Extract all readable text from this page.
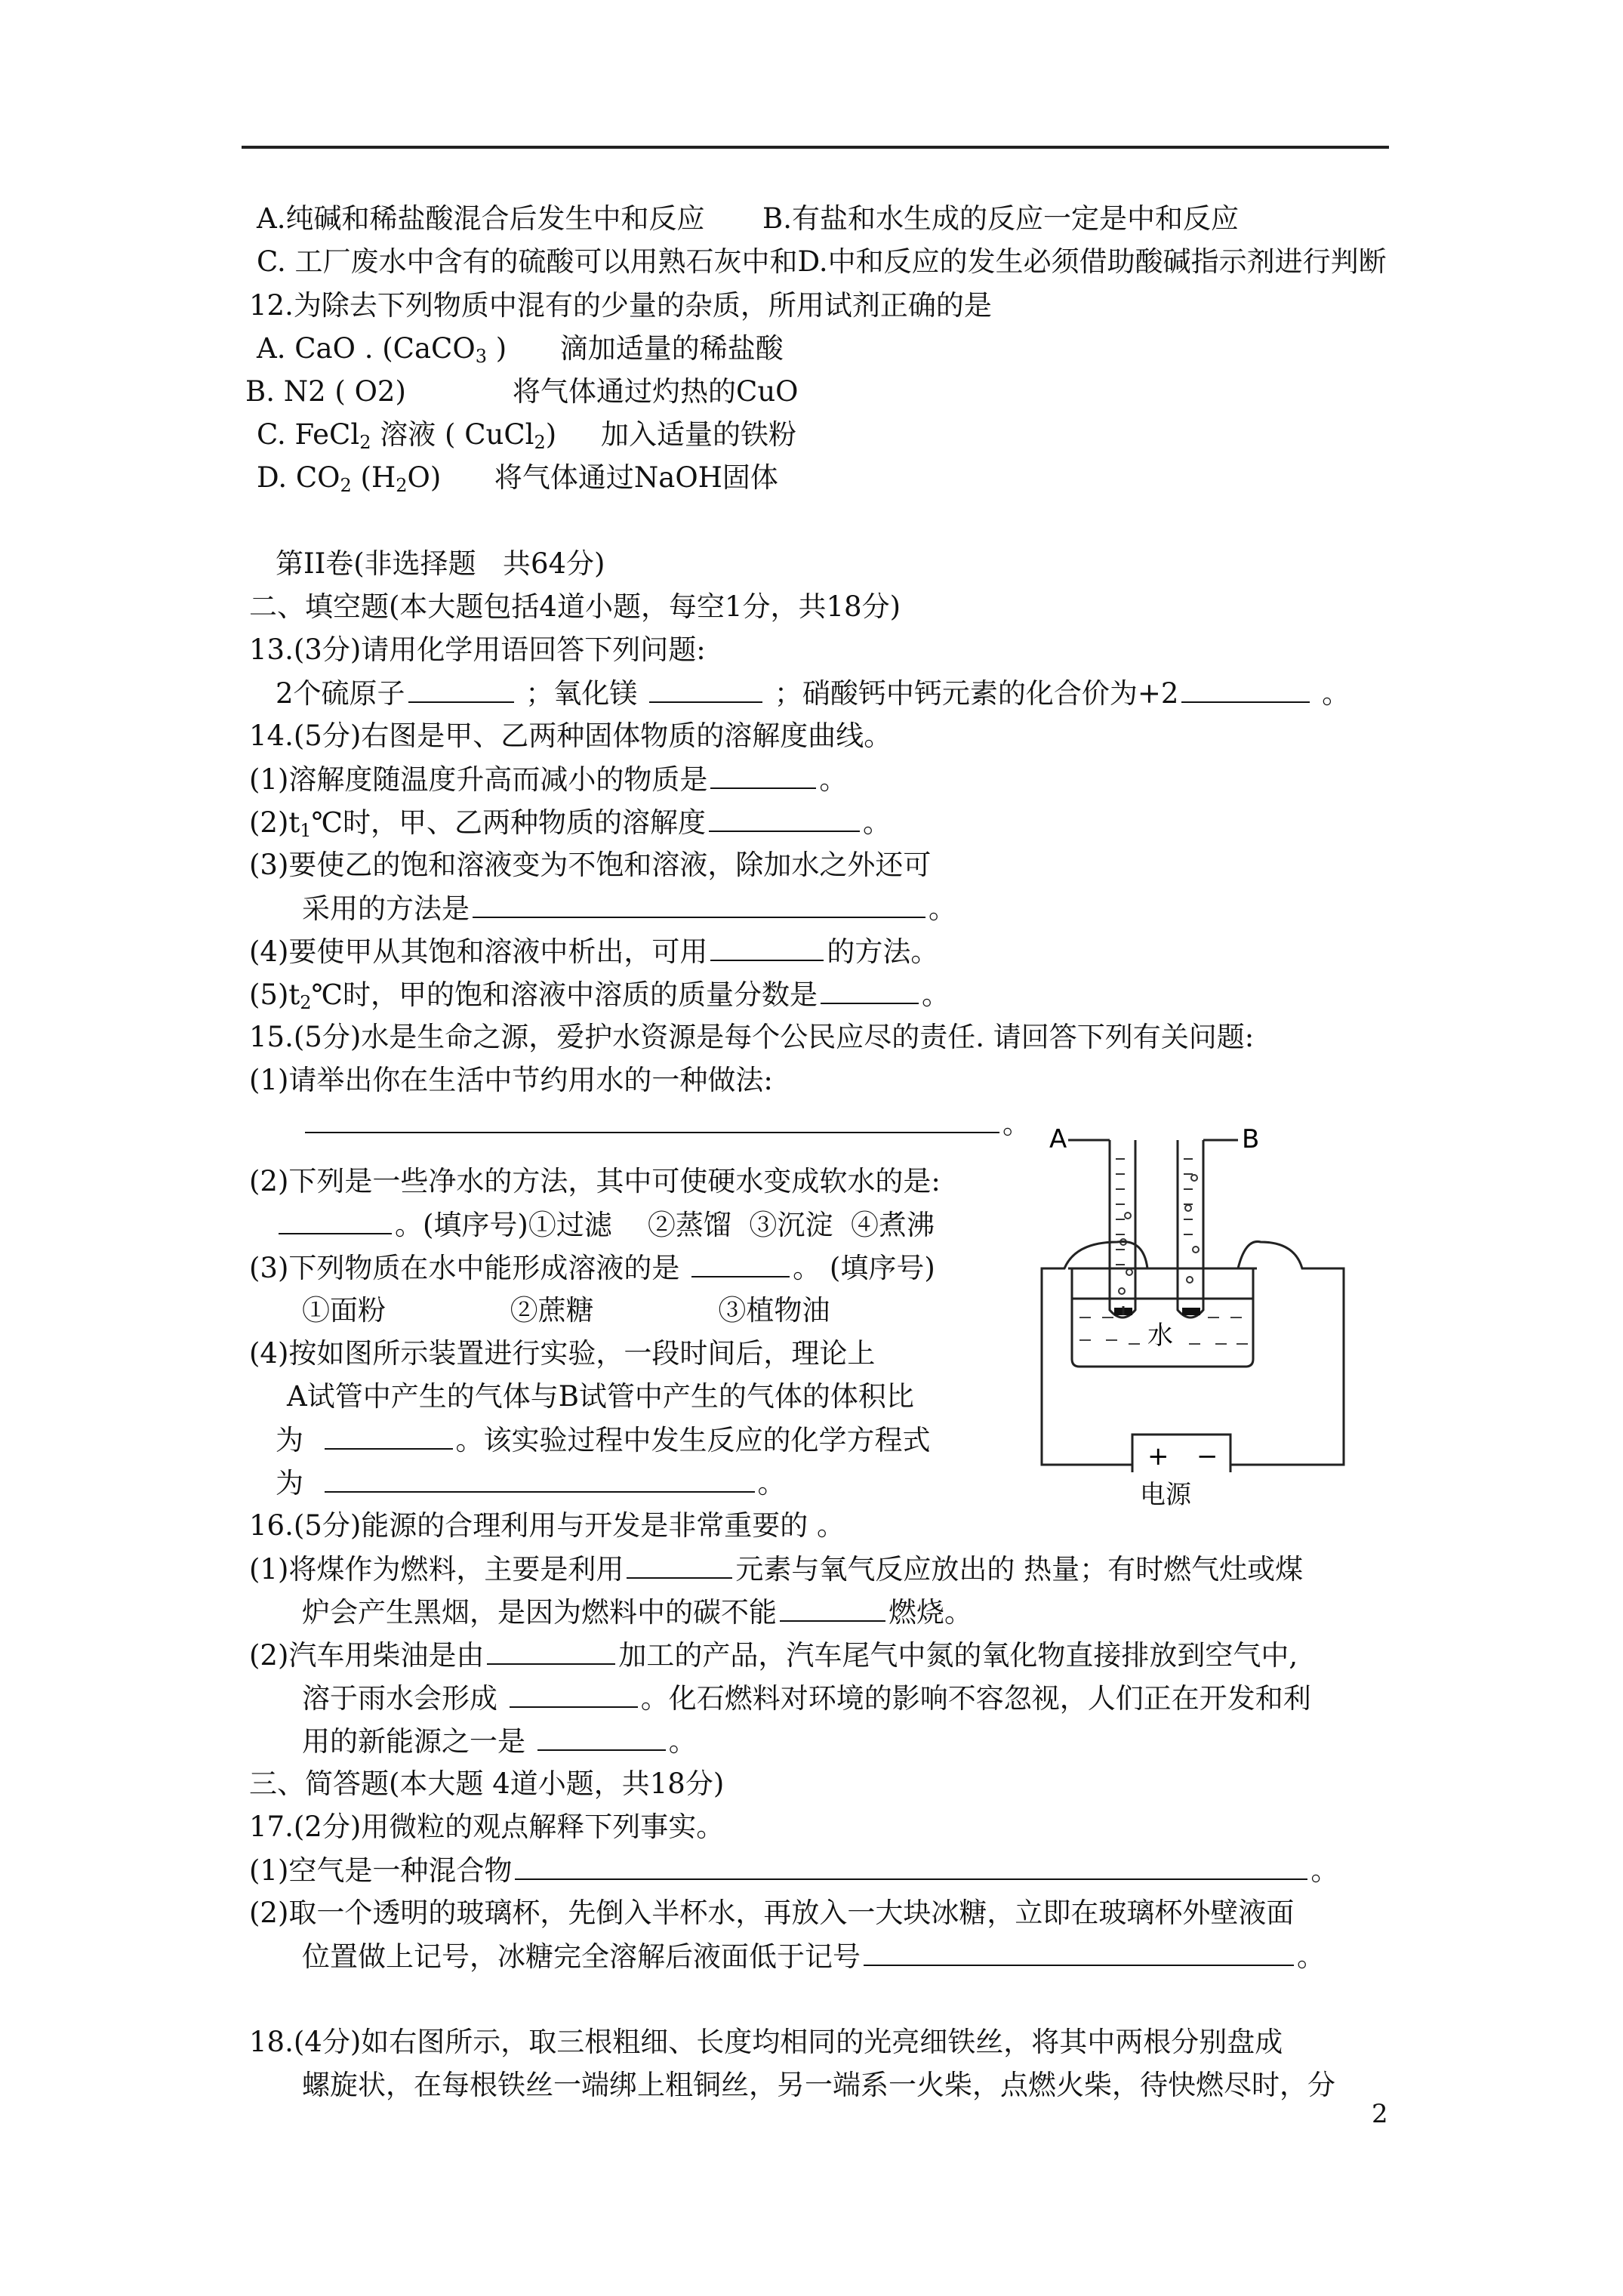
A.纯碱和稀盐酸混合后发生中和反应 B.有盐和水生成的反应一定是中和反应
C. 工厂废水中含有的硫酸可以用熟石灰中和D.中和反应的发生必须借助酸碱指示剂进行判断
12.为除去下列物质中混有的少量的杂质，所用试剂正确的是
A. CaO . (CaCO$_3$ )      滴加适量的稀盐酸
B. N2 ( O2)            将气体通过灼热的CuO
C. FeCl$_2$ 溶液 ( CuCl$_2$)     加入适量的铁粉
D. $CO_2$ $(H_2O)$      将气体通过NaOH固体
第II卷(非选择题   共64分)
二、填空题(本大题包括4道小题，每空1分，共18分)
13.(3分)请用化学用语回答下列问题:
2个硫原子	；氧化镁	；硝酸钙中钙元素的化合价为+2	。
14.(5分)右图是甲、乙两种固体物质的溶解度曲线。
(1)溶解度随温度升高而减小的物质是	。
$(2)t_1℃$时，甲、乙两种物质的溶解度	。
(3)要使乙的饱和溶液变为不饱和溶液，除加水之外还可
采用的方法是	。
(4)要使甲从其饱和溶液中析出，可用	的方法。
$(5)t_2℃$时，甲的饱和溶液中溶质的质量分数是	。
15.(5分)水是生命之源，爱护水资源是每个公民应尽的责任. 请回答下列有关问题:
(1)请举出你在生活中节约用水的一种做法:
。
(2)下列是一些净水的方法，其中可使硬水变成软水的是:
。(填序号)①过滤    ②蒸馏  ③沉淀  ④煮沸
(3)下列物质在水中能形成溶液的是	。 (填序号)
①面粉              ②蔗糖              ③植物油
(4)按如图所示装置进行实验，一段时间后，理论上
A试管中产生的气体与B试管中产生的气体的体积比
为	。该实验过程中发生反应的化学方程式
为	。
水
A	B
+ −
电源
16.(5分)能源的合理利用与开发是非常重要的 。
(1)将煤作为燃料，主要是利用	元素与氧气反应放出的 热量；有时燃气灶或煤
炉会产生黑烟，是因为燃料中的碳不能	燃烧。
(2)汽车用柴油是由	加工的产品，汽车尾气中氮的氧化物直接排放到空气中,
溶于雨水会形成	。化石燃料对环境的影响不容忽视，人们正在开发和利
用的新能源之一是	。
三、简答题(本大题 4道小题，共18分)
17.(2分)用微粒的观点解释下列事实。
(1)空气是一种混合物	。
(2)取一个透明的玻璃杯，先倒入半杯水，再放入一大块冰糖，立即在玻璃杯外壁液面
位置做上记号，冰糖完全溶解后液面低于记号	。
18.(4分)如右图所示，取三根粗细、长度均相同的光亮细铁丝，将其中两根分别盘成
螺旋状，在每根铁丝一端绑上粗铜丝，另一端系一火柴，点燃火柴，待快燃尽时，分
2
